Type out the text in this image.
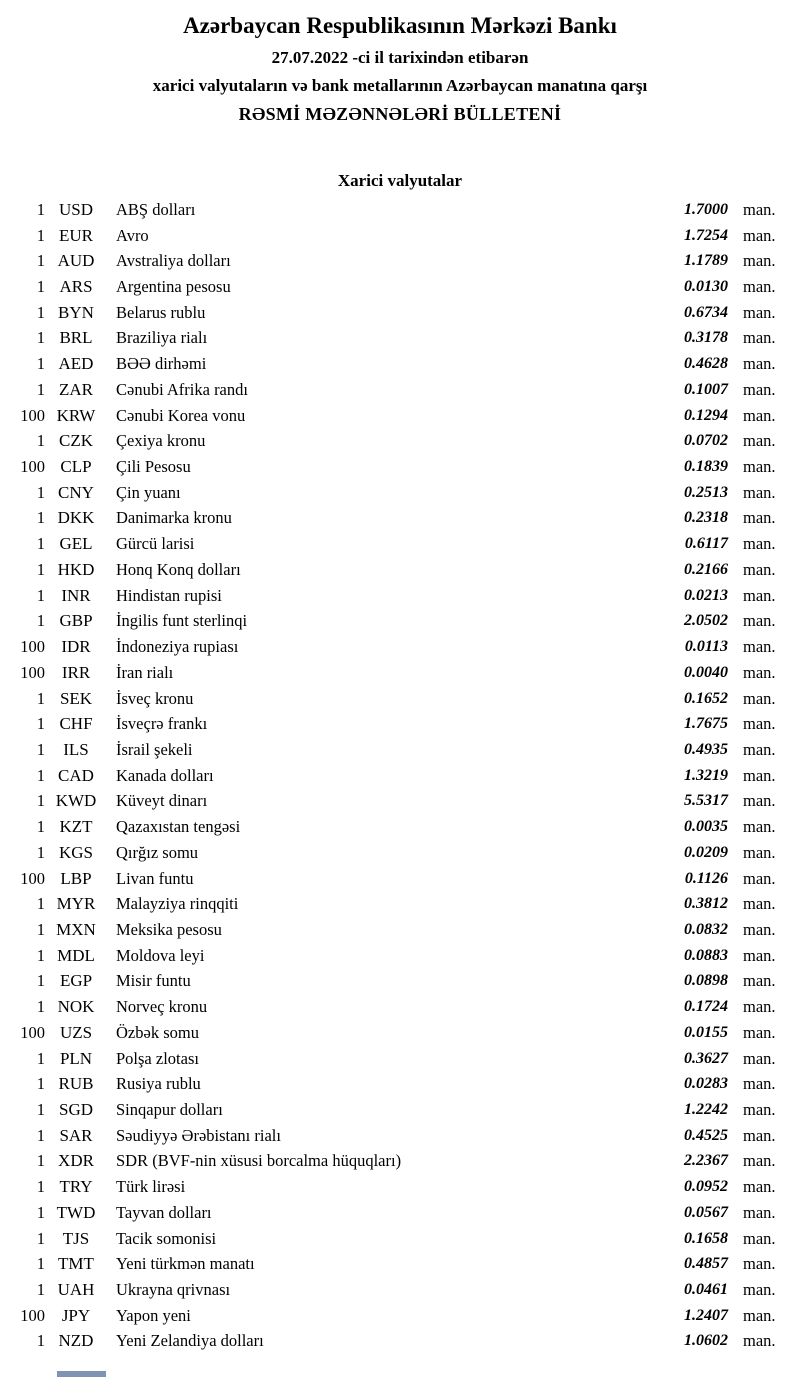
Azərbaycan Respublikasının Mərkəzi Bankı
27.07.2022 -ci il tarixindən etibarən
xarici valyutaların və bank metallarının Azərbaycan manatına qarşı
RƏSMİ MƏZƏNNƏLƏRİ BÜLLETENİ
Xarici valyutalar
1 USD	ABŞ dolları	1.7000 man.
1 EUR	Avro	1.7254 man.
1 AUD	Avstraliya dolları	1.1789 man.
1 ARS	Argentina pesosu	0.0130 man.
1 BYN	Belarus rublu	0.6734 man.
1 BRL	Braziliya rialı	0.3178 man.
1 AED	BƏƏ dirhəmi	0.4628 man.
1 ZAR	Cənubi Afrika randı	0.1007 man.
100 KRW	Cənubi Korea vonu	0.1294 man.
1 CZK	Çexiya kronu	0.0702 man.
100 CLP	Çili Pesosu	0.1839 man.
1 CNY	Çin yuanı	0.2513 man.
1 DKK	Danimarka kronu	0.2318 man.
1 GEL	Gürcü larisi	0.6117 man.
1 HKD	Honq Konq dolları	0.2166 man.
1 INR	Hindistan rupisi	0.0213 man.
1 GBP	İngilis funt sterlinqi	2.0502 man.
100 IDR	İndoneziya rupiası	0.0113 man.
100 IRR	İran rialı	0.0040 man.
1 SEK	İsveç kronu	0.1652 man.
1 CHF	İsveçrə frankı	1.7675 man.
1	ILS	İsrail şekeli	0.4935 man.
1 CAD	Kanada dolları	1.3219 man.
1 KWD	Küveyt dinarı	5.5317 man.
1 KZT	Qazaxıstan tengəsi	0.0035 man.
1 KGS	Qırğız somu	0.0209 man.
100 LBP	Livan funtu	0.1126 man.
1 MYR	Malayziya rinqqiti	0.3812 man.
1 MXN	Meksika pesosu	0.0832 man.
1 MDL	Moldova leyi	0.0883 man.
1 EGP	Misir funtu	0.0898 man.
1 NOK	Norveç kronu	0.1724 man.
100 UZS	Özbək somu	0.0155 man.
1 PLN	Polşa zlotası	0.3627 man.
1 RUB	Rusiya rublu	0.0283 man.
1 SGD	Sinqapur dolları	1.2242 man.
1 SAR	Səudiyyə Ərəbistanı rialı	0.4525 man.
1 XDR	SDR (BVF-nin xüsusi borcalma hüquqları)	2.2367 man.
1 TRY	Türk lirəsi	0.0952 man.
1 TWD	Tayvan dolları	0.0567 man.
1	TJS	Tacik somonisi	0.1658 man.
1 TMT	Yeni türkmən manatı	0.4857 man.
1 UAH	Ukrayna qrivnası	0.0461 man.
100 JPY	Yapon yeni	1.2407 man.
1 NZD	Yeni Zelandiya dolları	1.0602 man.
